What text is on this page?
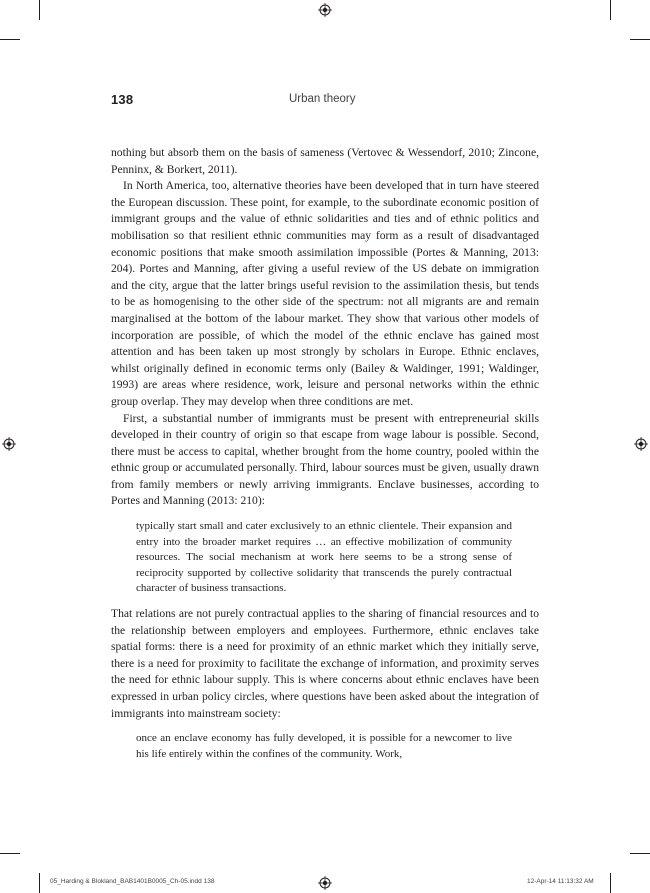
138	Urban theory

nothing but absorb them on the basis of sameness (Vertovec & Wessendorf, 2010; Zincone, Penninx, & Borkert, 2011).

In North America, too, alternative theories have been developed that in turn have steered the European discussion. These point, for example, to the subordinate economic position of immigrant groups and the value of ethnic solidarities and ties and of ethnic politics and mobilisation so that resilient ethnic communities may form as a result of disadvantaged economic positions that make smooth assimilation impossible (Portes & Manning, 2013: 204). Portes and Manning, after giving a useful review of the US debate on immigration and the city, argue that the latter brings useful revision to the assimilation thesis, but tends to be as homogenising to the other side of the spectrum: not all migrants are and remain marginalised at the bottom of the labour market. They show that various other models of incorporation are possible, of which the model of the ethnic enclave has gained most attention and has been taken up most strongly by scholars in Europe. Ethnic enclaves, whilst originally defined in economic terms only (Bailey & Waldinger, 1991; Waldinger, 1993) are areas where residence, work, leisure and personal networks within the ethnic group overlap. They may develop when three conditions are met.

First, a substantial number of immigrants must be present with entrepreneurial skills developed in their country of origin so that escape from wage labour is possible. Second, there must be access to capital, whether brought from the home country, pooled within the ethnic group or accumulated personally. Third, labour sources must be given, usually drawn from family members or newly arriving immigrants. Enclave businesses, according to Portes and Manning (2013: 210):

typically start small and cater exclusively to an ethnic clientele. Their expansion and entry into the broader market requires … an effective mobilization of community resources. The social mechanism at work here seems to be a strong sense of reciprocity supported by collective solidarity that transcends the purely contractual character of business transactions.

That relations are not purely contractual applies to the sharing of financial resources and to the relationship between employers and employees. Furthermore, ethnic enclaves take spatial forms: there is a need for proximity of an ethnic market which they initially serve, there is a need for proximity to facilitate the exchange of information, and proximity serves the need for ethnic labour supply. This is where concerns about ethnic enclaves have been expressed in urban policy circles, where questions have been asked about the integration of immigrants into mainstream society:

once an enclave economy has fully developed, it is possible for a newcomer to live his life entirely within the confines of the community. Work,
05_Harding & Blokland_BAB1401B0005_Ch-05.indd 138	12-Apr-14 11:13:32 AM
